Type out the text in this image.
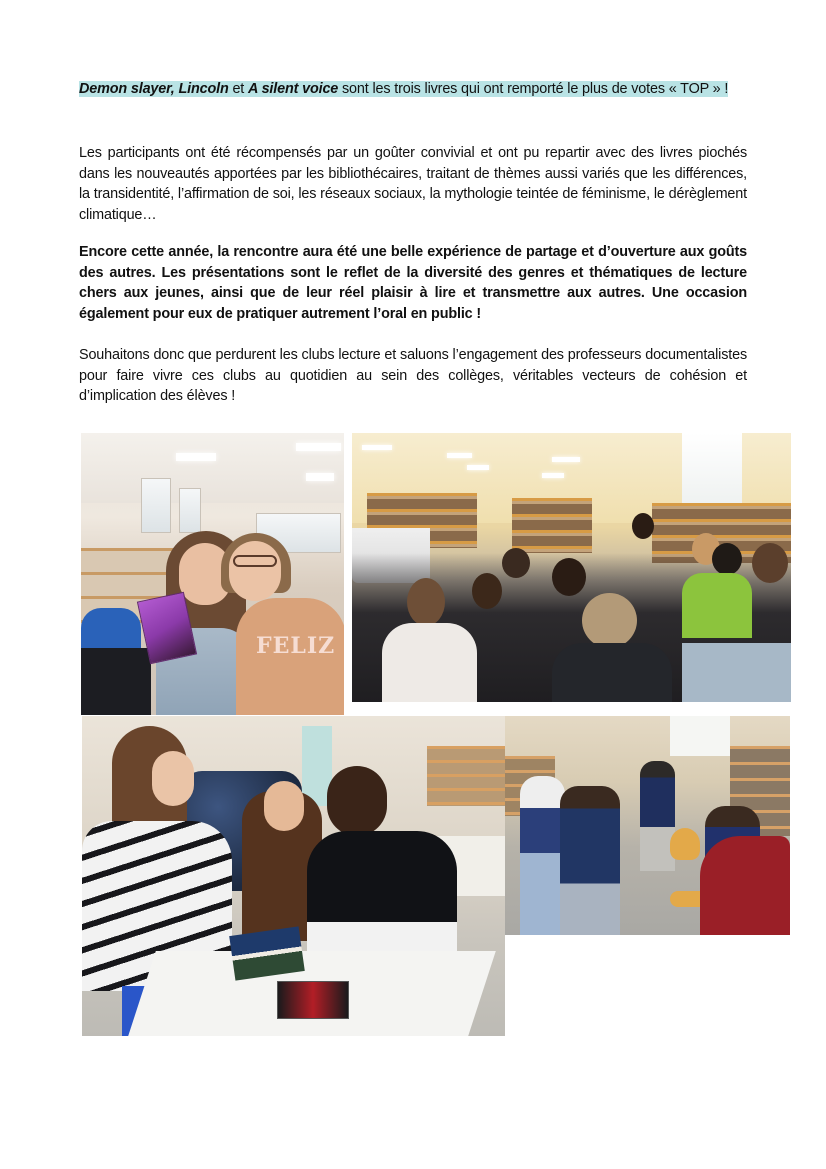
Demon slayer, Lincoln et A silent voice sont les trois livres qui ont remporté le plus de votes « TOP » !

Les participants ont été récompensés par un goûter convivial et ont pu repartir avec des livres piochés dans les nouveautés apportées par les bibliothécaires, traitant de thèmes aussi variés que les différences, la transidentité, l’affirmation de soi, les réseaux sociaux, la mythologie teintée de féminisme, le dérèglement climatique…

Encore cette année, la rencontre aura été une belle expérience de partage et d’ouverture aux goûts des autres. Les présentations sont le reflet de la diversité des genres et thématiques de lecture chers aux jeunes, ainsi que de leur réel plaisir à lire et transmettre aux autres. Une occasion également pour eux de pratiquer autrement l’oral en public !

Souhaitons donc que perdurent les clubs lecture et saluons l’engagement des professeurs documentalistes pour faire vivre ces clubs au quotidien au sein des collèges, véritables vecteurs de cohésion et d’implication des élèves !

FELIZ
